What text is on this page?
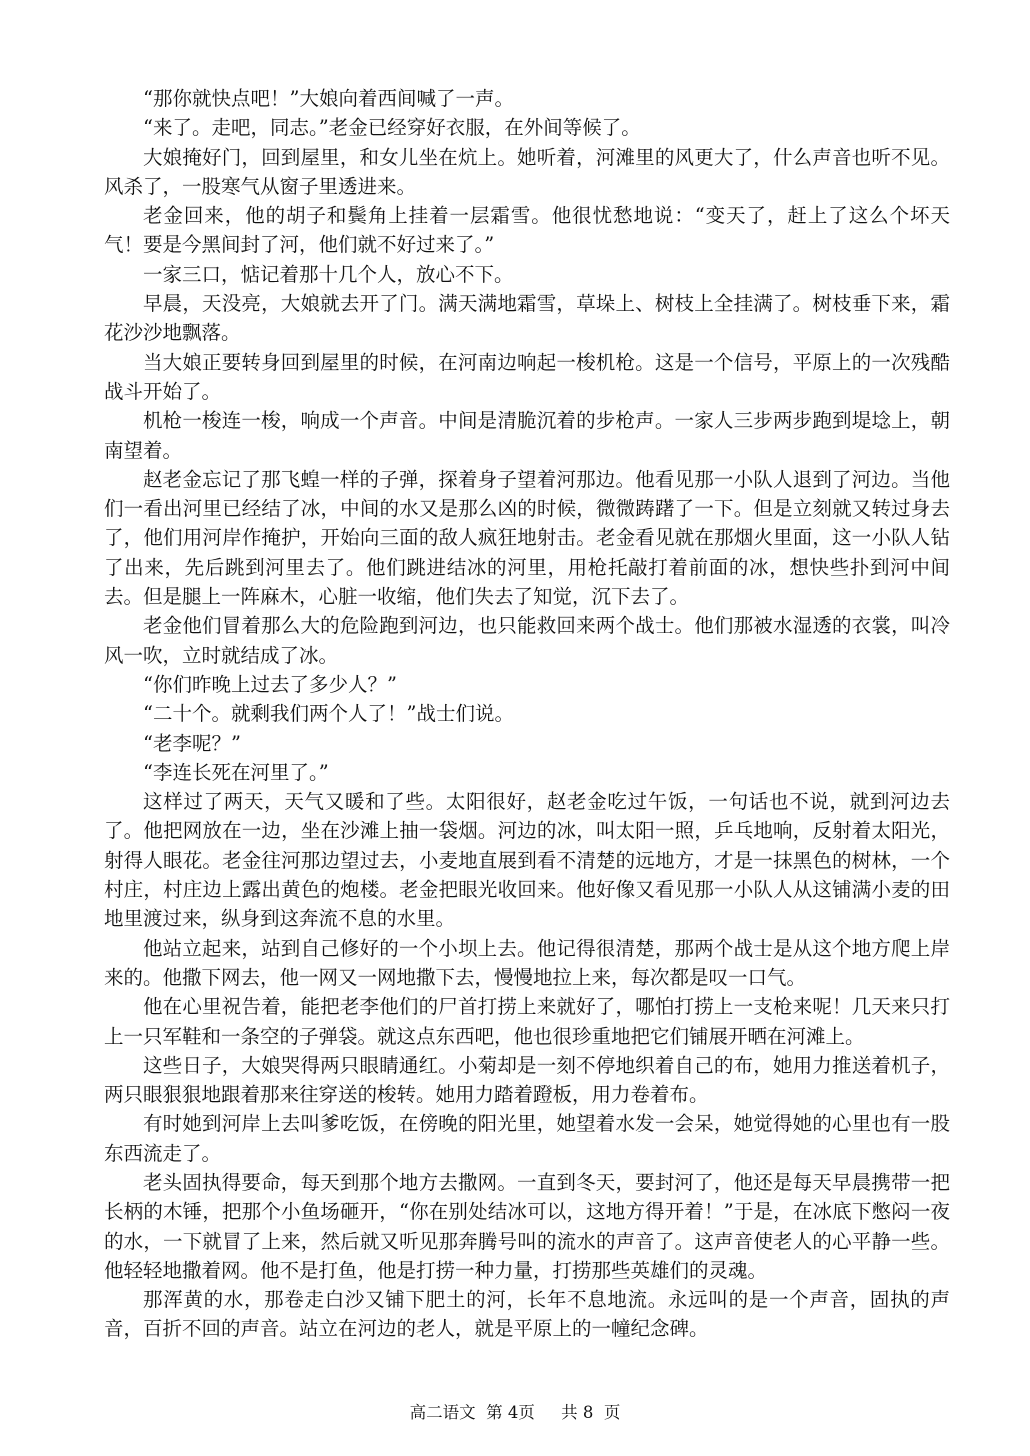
“那你就快点吧！”大娘向着西间喊了一声。

“来了。走吧，同志。”老金已经穿好衣服，在外间等候了。

大娘掩好门，回到屋里，和女儿坐在炕上。她听着，河滩里的风更大了，什么声音也听不见。风杀了，一股寒气从窗子里透进来。

老金回来，他的胡子和鬓角上挂着一层霜雪。他很忧愁地说：“变天了，赶上了这么个坏天气！要是今黑间封了河，他们就不好过来了。”

一家三口，惦记着那十几个人，放心不下。

早晨，天没亮，大娘就去开了门。满天满地霜雪，草垛上、树枝上全挂满了。树枝垂下来，霜花沙沙地飘落。

当大娘正要转身回到屋里的时候，在河南边响起一梭机枪。这是一个信号，平原上的一次残酷战斗开始了。

机枪一梭连一梭，响成一个声音。中间是清脆沉着的步枪声。一家人三步两步跑到堤埝上，朝南望着。

赵老金忘记了那飞蝗一样的子弹，探着身子望着河那边。他看见那一小队人退到了河边。当他们一看出河里已经结了冰，中间的水又是那么凶的时候，微微踌躇了一下。但是立刻就又转过身去了，他们用河岸作掩护，开始向三面的敌人疯狂地射击。老金看见就在那烟火里面，这一小队人钻了出来，先后跳到河里去了。他们跳进结冰的河里，用枪托敲打着前面的冰，想快些扑到河中间去。但是腿上一阵麻木，心脏一收缩，他们失去了知觉，沉下去了。

老金他们冒着那么大的危险跑到河边，也只能救回来两个战士。他们那被水湿透的衣裳，叫冷风一吹，立时就结成了冰。

“你们昨晚上过去了多少人？”

“二十个。就剩我们两个人了！”战士们说。

“老李呢？”

“李连长死在河里了。”

这样过了两天，天气又暖和了些。太阳很好，赵老金吃过午饭，一句话也不说，就到河边去了。他把网放在一边，坐在沙滩上抽一袋烟。河边的冰，叫太阳一照，乒乓地响，反射着太阳光，射得人眼花。老金往河那边望过去，小麦地直展到看不清楚的远地方，才是一抹黑色的树林，一个村庄，村庄边上露出黄色的炮楼。老金把眼光收回来。他好像又看见那一小队人从这铺满小麦的田地里渡过来，纵身到这奔流不息的水里。

他站立起来，站到自己修好的一个小坝上去。他记得很清楚，那两个战士是从这个地方爬上岸来的。他撒下网去，他一网又一网地撒下去，慢慢地拉上来，每次都是叹一口气。

他在心里祝告着，能把老李他们的尸首打捞上来就好了，哪怕打捞上一支枪来呢！几天来只打上一只军鞋和一条空的子弹袋。就这点东西吧，他也很珍重地把它们铺展开晒在河滩上。

这些日子，大娘哭得两只眼睛通红。小菊却是一刻不停地织着自己的布，她用力推送着机子，两只眼狠狠地跟着那来往穿送的梭转。她用力踏着蹬板，用力卷着布。

有时她到河岸上去叫爹吃饭，在傍晚的阳光里，她望着水发一会呆，她觉得她的心里也有一股东西流走了。

老头固执得要命，每天到那个地方去撒网。一直到冬天，要封河了，他还是每天早晨携带一把长柄的木锤，把那个小鱼场砸开，“你在别处结冰可以，这地方得开着！”于是，在冰底下憋闷一夜的水，一下就冒了上来，然后就又听见那奔腾号叫的流水的声音了。这声音使老人的心平静一些。他轻轻地撒着网。他不是打鱼，他是打捞一种力量，打捞那些英雄们的灵魂。

那浑黄的水，那卷走白沙又铺下肥土的河，长年不息地流。永远叫的是一个声音，固执的声音，百折不回的声音。站立在河边的老人，就是平原上的一幢纪念碑。

高二语文  第 4页     共 8  页
